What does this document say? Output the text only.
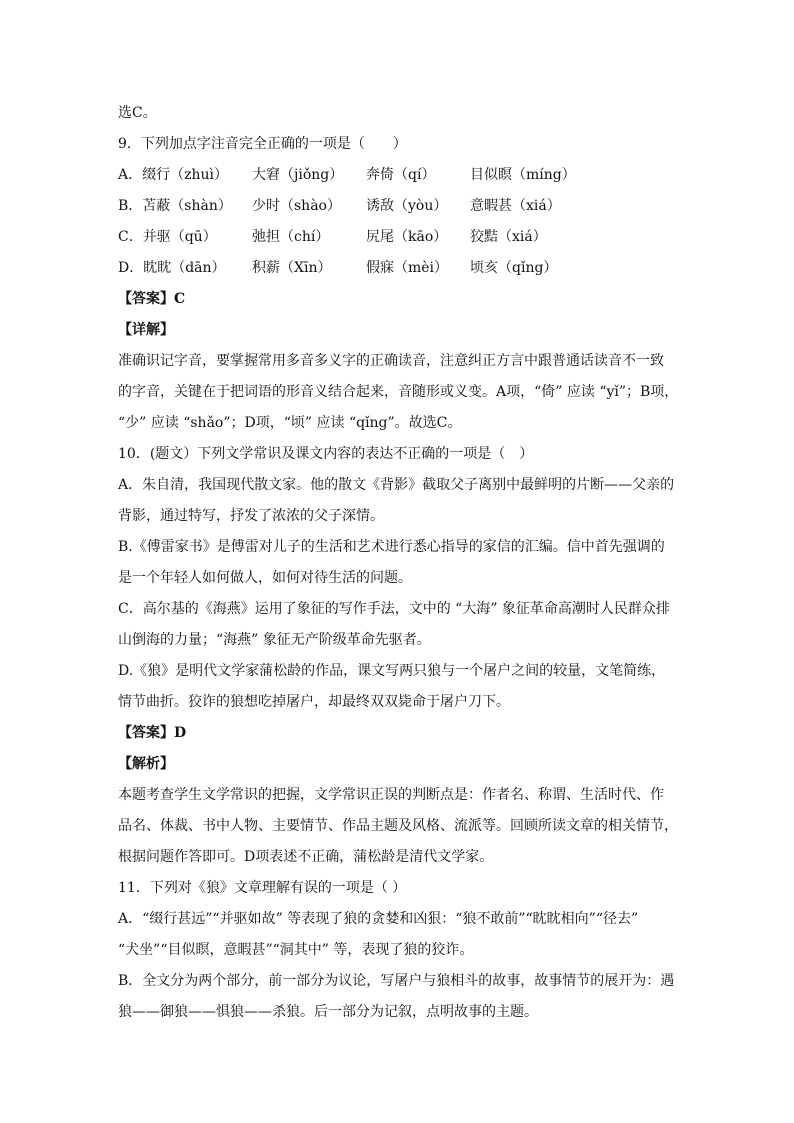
选C。
9．下列加点字注音完全正确的一项是（　　）
A．缀行（zhuì） 大窘（jiǒng） 奔倚（qí） 目似瞑（míng）
B．苫蔽（shàn） 少时（shào） 诱敌（yòu） 意暇甚（xiá）
C．并驱（qū）	弛担（chí）	尻尾（kāo） 狡黠（xiá）
D．眈眈（dān） 积薪（Xīn） 假寐（mèi） 顷亥（qǐng）
【答案】C
【详解】
准确识记字音，要掌握常用多音多义字的正确读音，注意纠正方言中跟普通话读音不一致
的字音，关键在于把词语的形音义结合起来，音随形或义变。A项，“倚” 应读 “yǐ”；B项，
“少” 应读 “shǎo”；D项，“顷” 应读 “qǐng”。故选C。
10．(题文）下列文学常识及课文内容的表达不正确的一项是（　）
A．朱自清，我国现代散文家。他的散文《背影》截取父子离别中最鲜明的片断——父亲的
背影，通过特写，抒发了浓浓的父子深情。
B.《傅雷家书》是傅雷对儿子的生活和艺术进行悉心指导的家信的汇编。信中首先强调的
是一个年轻人如何做人，如何对待生活的问题。
C．高尔基的《海燕》运用了象征的写作手法，文中的 “大海” 象征革命高潮时人民群众排
山倒海的力量；“海燕” 象征无产阶级革命先驱者。
D.《狼》是明代文学家蒲松龄的作品，课文写两只狼与一个屠户之间的较量，文笔简练，
情节曲折。狡诈的狼想吃掉屠户，却最终双双毙命于屠户刀下。
【答案】D
【解析】
本题考查学生文学常识的把握，文学常识正误的判断点是：作者名、称谓、生活时代、作
品名、体裁、书中人物、主要情节、作品主题及风格、流派等。回顾所读文章的相关情节，
根据问题作答即可。D项表述不正确，蒲松龄是清代文学家。
11．下列对《狼》文章理解有误的一项是（ ）
A．“缀行甚远”“并驱如故” 等表现了狼的贪婪和凶狠：“狼不敢前”“眈眈相向”“径去”
“犬坐”“目似瞑，意暇甚”“洞其中” 等，表现了狼的狡诈。
B．全文分为两个部分，前一部分为议论，写屠户与狼相斗的故事，故事情节的展开为：遇
狼——御狼——惧狼——杀狼。后一部分为记叙，点明故事的主题。
